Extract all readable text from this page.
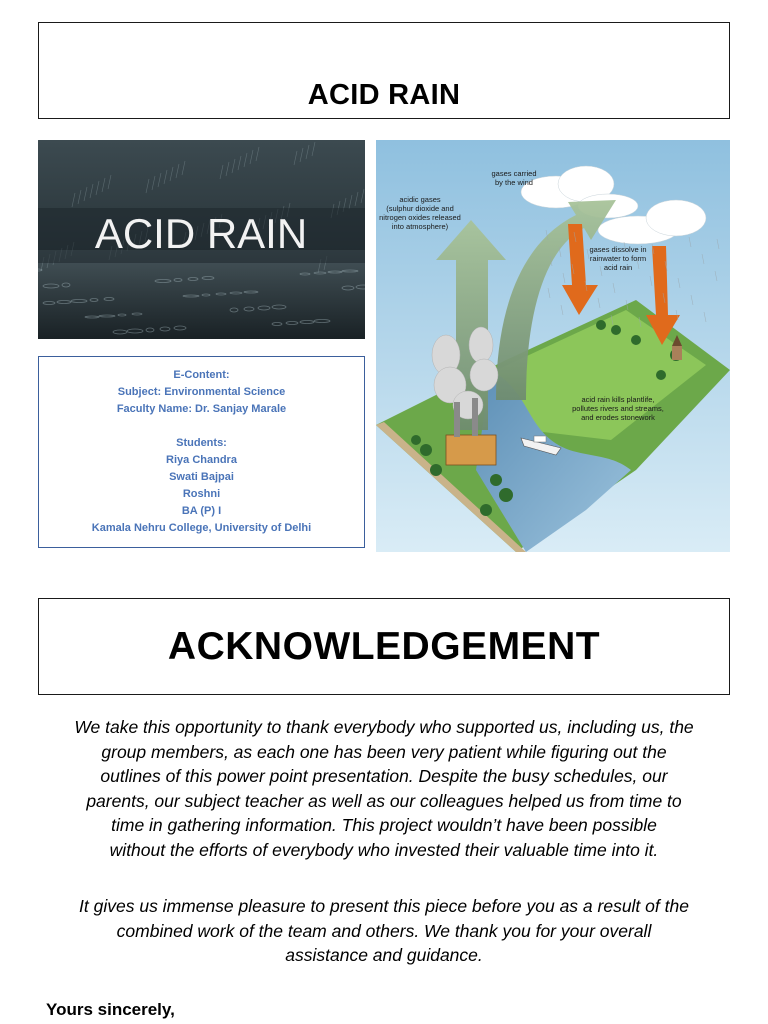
ACID RAIN
ACID RAIN
E-Content:
Subject: Environmental Science
Faculty Name: Dr. Sanjay Marale
Students:
Riya Chandra
Swati Bajpai
Roshni
BA (P) I
Kamala Nehru College, University of Delhi
acidic gases
(sulphur dioxide and
nitrogen oxides released
into atmosphere)
gases carried
by the wind
gases dissolve in
rainwater to form
acid rain
acid rain kills plantlife,
pollutes rivers and streams,
and erodes stonework
ACKNOWLEDGEMENT
We take this opportunity to thank everybody who supported us, including us, the
group members, as each one has been very patient while figuring out the
outlines of this power point presentation. Despite the busy schedules, our
parents, our subject teacher as well as our colleagues helped us from time to
time in gathering information. This project wouldn’t have been possible
without the efforts of everybody who invested their valuable time into it.
It gives us immense pleasure to present this piece before you as a result of the
combined work of the team and others. We thank you for your overall
assistance and guidance.
Yours sincerely,
